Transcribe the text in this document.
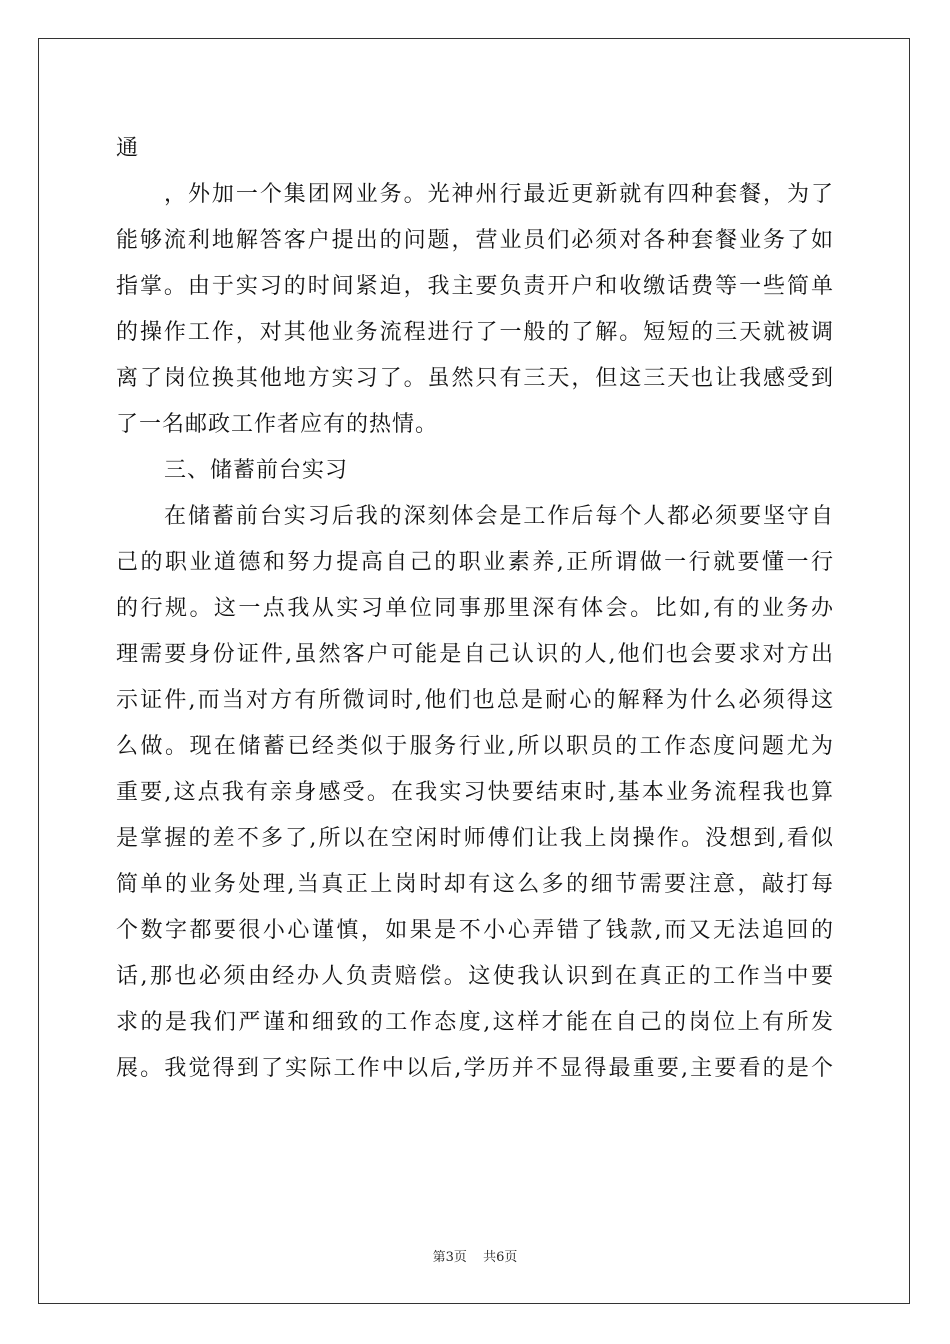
通
，外加一个集团网业务。光神州行最近更新就有四种套餐，为了
能够流利地解答客户提出的问题，营业员们必须对各种套餐业务了如
指掌。由于实习的时间紧迫，我主要负责开户和收缴话费等一些简单
的操作工作，对其他业务流程进行了一般的了解。短短的三天就被调
离了岗位换其他地方实习了。虽然只有三天，但这三天也让我感受到
了一名邮政工作者应有的热情。
三、储蓄前台实习
在储蓄前台实习后我的深刻体会是工作后每个人都必须要坚守自
己的职业道德和努力提高自己的职业素养,正所谓做一行就要懂一行
的行规。这一点我从实习单位同事那里深有体会。比如,有的业务办
理需要身份证件,虽然客户可能是自己认识的人,他们也会要求对方出
示证件,而当对方有所微词时,他们也总是耐心的解释为什么必须得这
么做。现在储蓄已经类似于服务行业,所以职员的工作态度问题尤为
重要,这点我有亲身感受。在我实习快要结束时,基本业务流程我也算
是掌握的差不多了,所以在空闲时师傅们让我上岗操作。没想到,看似
简单的业务处理,当真正上岗时却有这么多的细节需要注意，敲打每
个数字都要很小心谨慎，如果是不小心弄错了钱款,而又无法追回的
话,那也必须由经办人负责赔偿。这使我认识到在真正的工作当中要
求的是我们严谨和细致的工作态度,这样才能在自己的岗位上有所发
展。我觉得到了实际工作中以后,学历并不显得最重要,主要看的是个
第3页 共6页
